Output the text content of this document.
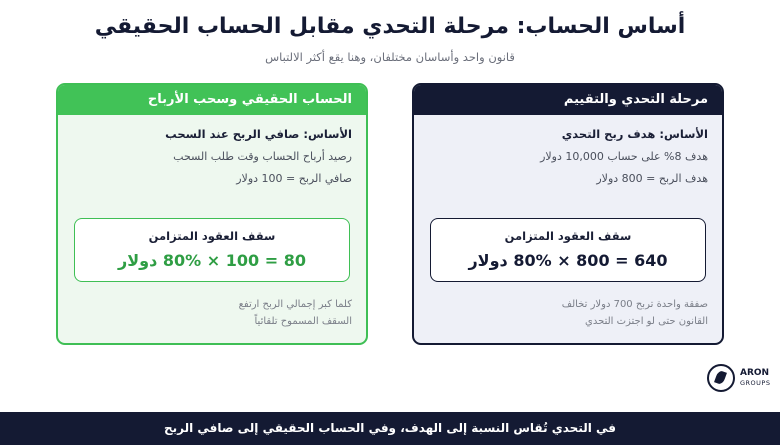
أساس الحساب: مرحلة التحدي مقابل الحساب الحقيقي
قانون واحد وأساسان مختلفان، وهنا يقع أكثر الالتباس
مرحلة التحدي والتقييم
الأساس: هدف ربح التحدي
هدف 8% على حساب 10,000 دولار
هدف الربح = 800 دولار
سقف العقود المتزامن
640 = 800 × 80% دولار
صفقة واحدة تربح 700 دولار تخالف
القانون حتى لو اجتزت التحدي
الحساب الحقيقي وسحب الأرباح
الأساس: صافي الربح عند السحب
رصيد أرباح الحساب وقت طلب السحب
صافي الربح = 100 دولار
سقف العقود المتزامن
80 = 100 × 80% دولار
كلما كبر إجمالي الربح ارتفع
السقف المسموح تلقائياً
ARON
GROUPS
في التحدي تُقاس النسبة إلى الهدف، وفي الحساب الحقيقي إلى صافي الربح
